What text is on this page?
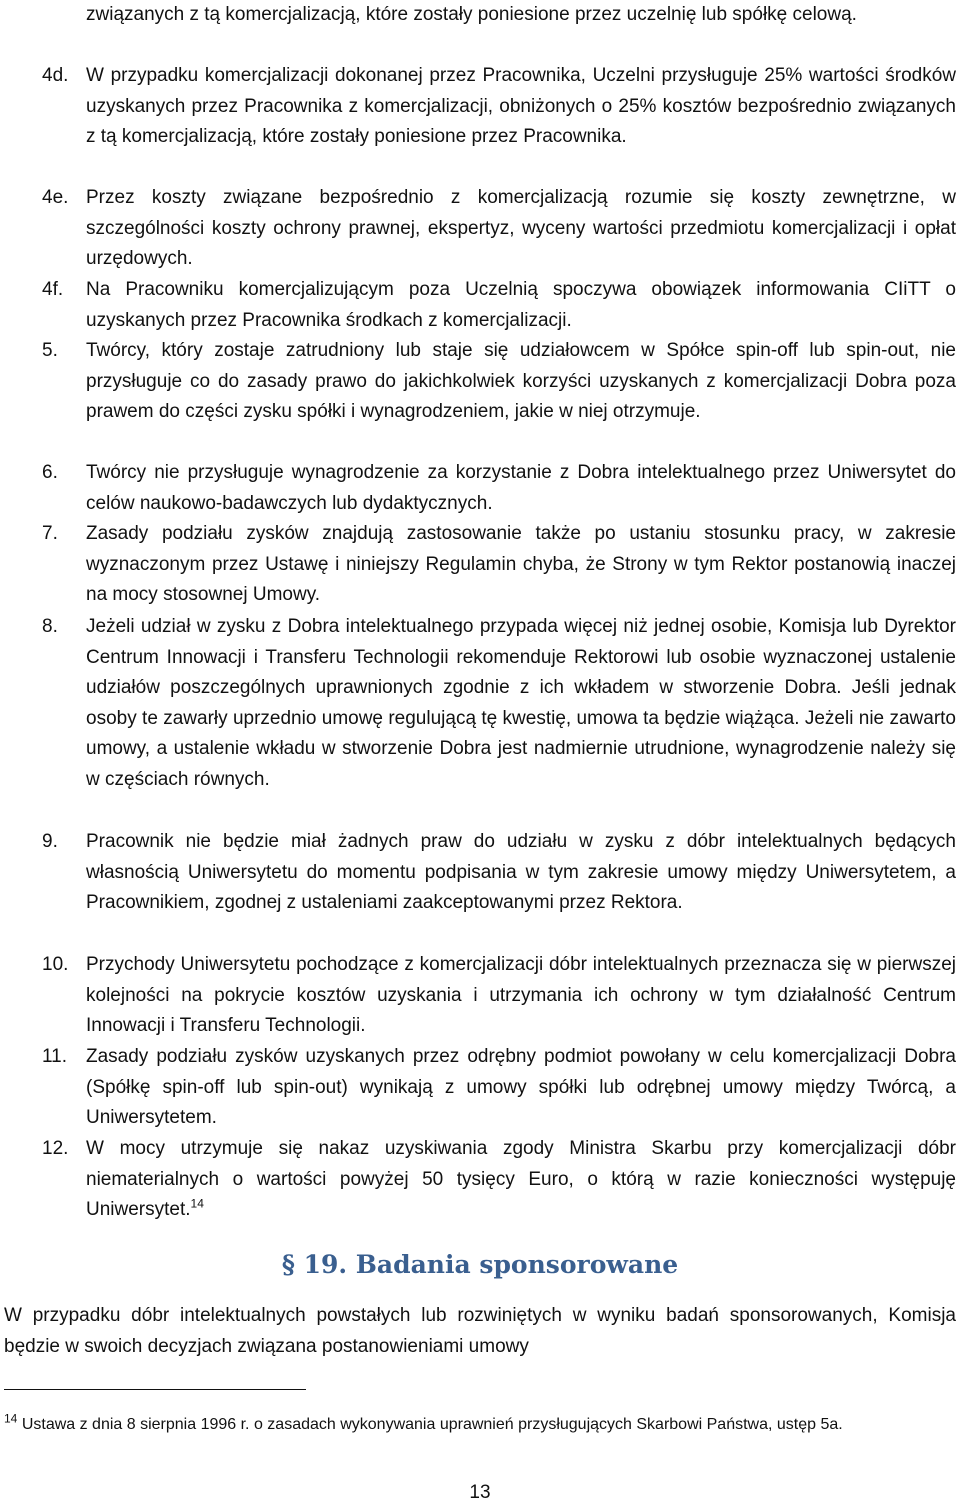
związanych z tą komercjalizacją, które zostały poniesione przez uczelnię lub spółkę celową.
4d. W przypadku komercjalizacji dokonanej przez Pracownika, Uczelni przysługuje 25% wartości środków uzyskanych przez Pracownika z komercjalizacji, obniżonych o 25% kosztów bezpośrednio związanych z tą komercjalizacją, które zostały poniesione przez Pracownika.
4e. Przez koszty związane bezpośrednio z komercjalizacją rozumie się koszty zewnętrzne, w szczególności koszty ochrony prawnej, ekspertyz, wyceny wartości przedmiotu komercjalizacji i opłat urzędowych.
4f. Na Pracowniku komercjalizującym poza Uczelnią spoczywa obowiązek informowania CIiTT o uzyskanych przez Pracownika środkach z komercjalizacji.
5. Twórcy, który zostaje zatrudniony lub staje się udziałowcem w Spółce spin-off lub spin-out, nie przysługuje co do zasady prawo do jakichkolwiek korzyści uzyskanych z komercjalizacji Dobra poza prawem do części zysku spółki i wynagrodzeniem, jakie w niej otrzymuje.
6. Twórcy nie przysługuje wynagrodzenie za korzystanie z Dobra intelektualnego przez Uniwersytet do celów naukowo-badawczych lub dydaktycznych.
7. Zasady podziału zysków znajdują zastosowanie także po ustaniu stosunku pracy, w zakresie wyznaczonym przez Ustawę i niniejszy Regulamin chyba, że Strony w tym Rektor postanowią inaczej na mocy stosownej Umowy.
8. Jeżeli udział w zysku z Dobra intelektualnego przypada więcej niż jednej osobie, Komisja lub Dyrektor Centrum Innowacji i Transferu Technologii rekomenduje Rektorowi lub osobie wyznaczonej ustalenie udziałów poszczególnych uprawnionych zgodnie z ich wkładem w stworzenie Dobra. Jeśli jednak osoby te zawarły uprzednio umowę regulującą tę kwestię, umowa ta będzie wiążąca. Jeżeli nie zawarto umowy, a ustalenie wkładu w stworzenie Dobra jest nadmiernie utrudnione, wynagrodzenie należy się w częściach równych.
9. Pracownik nie będzie miał żadnych praw do udziału w zysku z dóbr intelektualnych będących własnością Uniwersytetu do momentu podpisania w tym zakresie umowy między Uniwersytetem, a Pracownikiem, zgodnej z ustaleniami zaakceptowanymi przez Rektora.
10. Przychody Uniwersytetu pochodzące z komercjalizacji dóbr intelektualnych przeznacza się w pierwszej kolejności na pokrycie kosztów uzyskania i utrzymania ich ochrony w tym działalność Centrum Innowacji i Transferu Technologii.
11. Zasady podziału zysków uzyskanych przez odrębny podmiot powołany w celu komercjalizacji Dobra (Spółkę spin-off lub spin-out) wynikają z umowy spółki lub odrębnej umowy między Twórcą, a Uniwersytetem.
12. W mocy utrzymuje się nakaz uzyskiwania zgody Ministra Skarbu przy komercjalizacji dóbr niematerialnych o wartości powyżej 50 tysięcy Euro, o którą w razie konieczności występuję Uniwersytet.$^{14}$
§ 19. Badania sponsorowane
W przypadku dóbr intelektualnych powstałych lub rozwiniętych w wyniku badań sponsorowanych, Komisja będzie w swoich decyzjach związana postanowieniami umowy
$^{14}$ Ustawa z dnia 8 sierpnia 1996 r. o zasadach wykonywania uprawnień przysługujących Skarbowi Państwa, ustęp 5a.
13
